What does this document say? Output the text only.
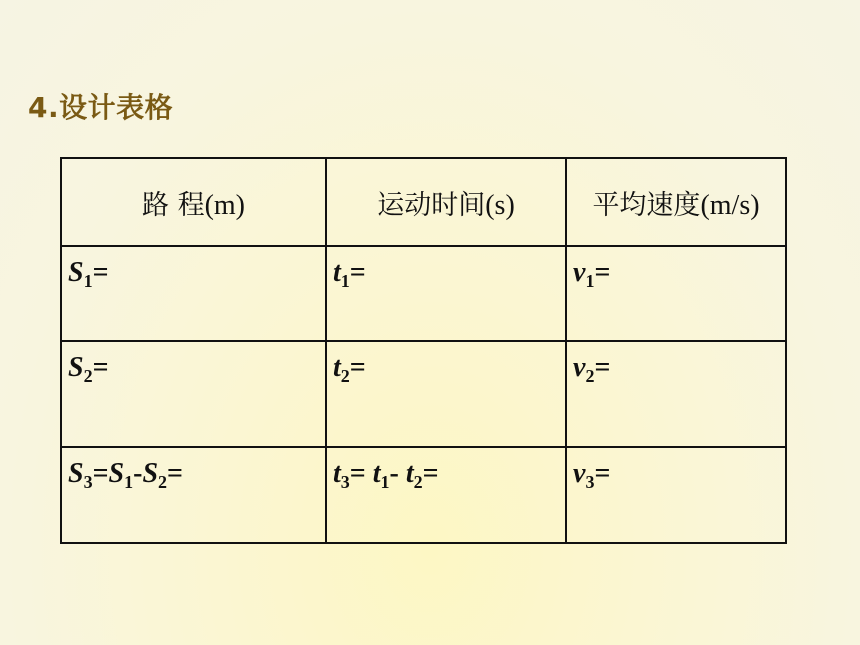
4.设计表格
路 程(m)	运动时间(s)	平均速度(m/s)

$S_1=$	$t_1=$	$v_1=$

$S_2=$	$t_2=$	$v_2=$

$S_3=S_1-S_2=$	$t_3= t_1-$ $t_2=$	$v_3=$
